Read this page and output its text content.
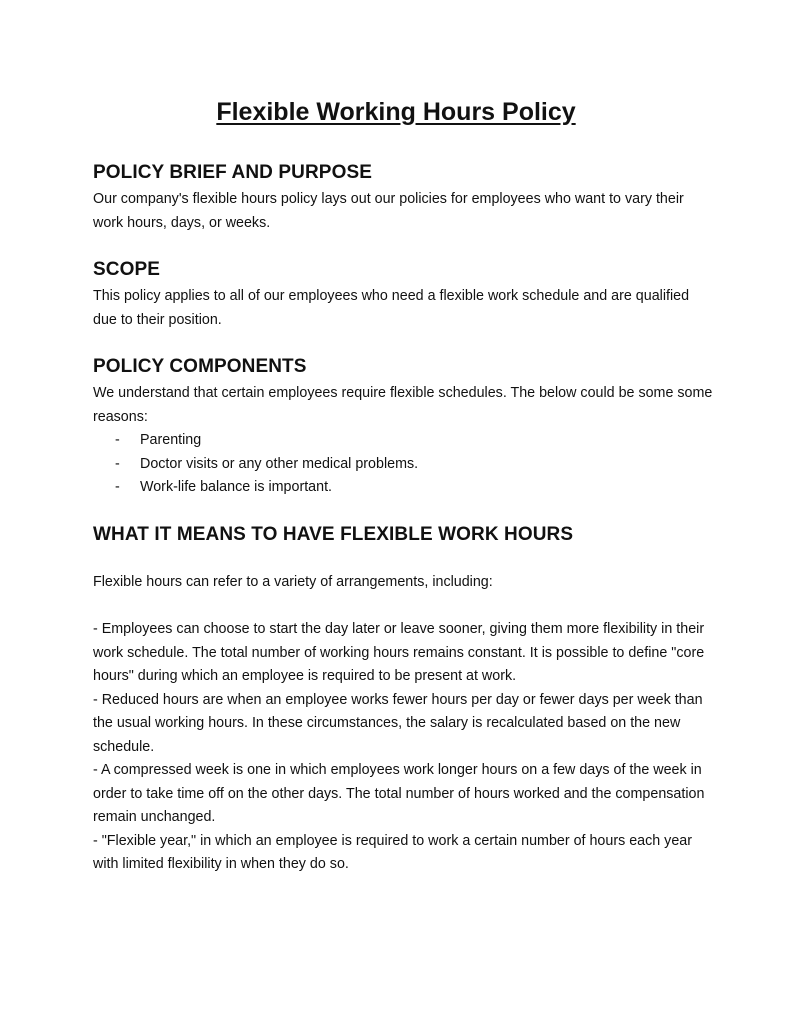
Flexible Working Hours Policy
POLICY BRIEF AND PURPOSE

Our company's flexible hours policy lays out our policies for employees who want to vary their work hours, days, or weeks.

SCOPE

This policy applies to all of our employees who need a flexible work schedule and are qualified due to their position.

POLICY COMPONENTS

We understand that certain employees require flexible schedules. The below could be some some reasons:

- Parenting
- Doctor visits or any other medical problems.
- Work-life balance is important.
WHAT IT MEANS TO HAVE FLEXIBLE WORK HOURS

Flexible hours can refer to a variety of arrangements, including:

- Employees can choose to start the day later or leave sooner, giving them more flexibility in their work schedule. The total number of working hours remains constant. It is possible to define "core hours" during which an employee is required to be present at work.

- Reduced hours are when an employee works fewer hours per day or fewer days per week than the usual working hours. In these circumstances, the salary is recalculated based on the new schedule.

- A compressed week is one in which employees work longer hours on a few days of the week in order to take time off on the other days. The total number of hours worked and the compensation remain unchanged.

- "Flexible year," in which an employee is required to work a certain number of hours each year with limited flexibility in when they do so.
